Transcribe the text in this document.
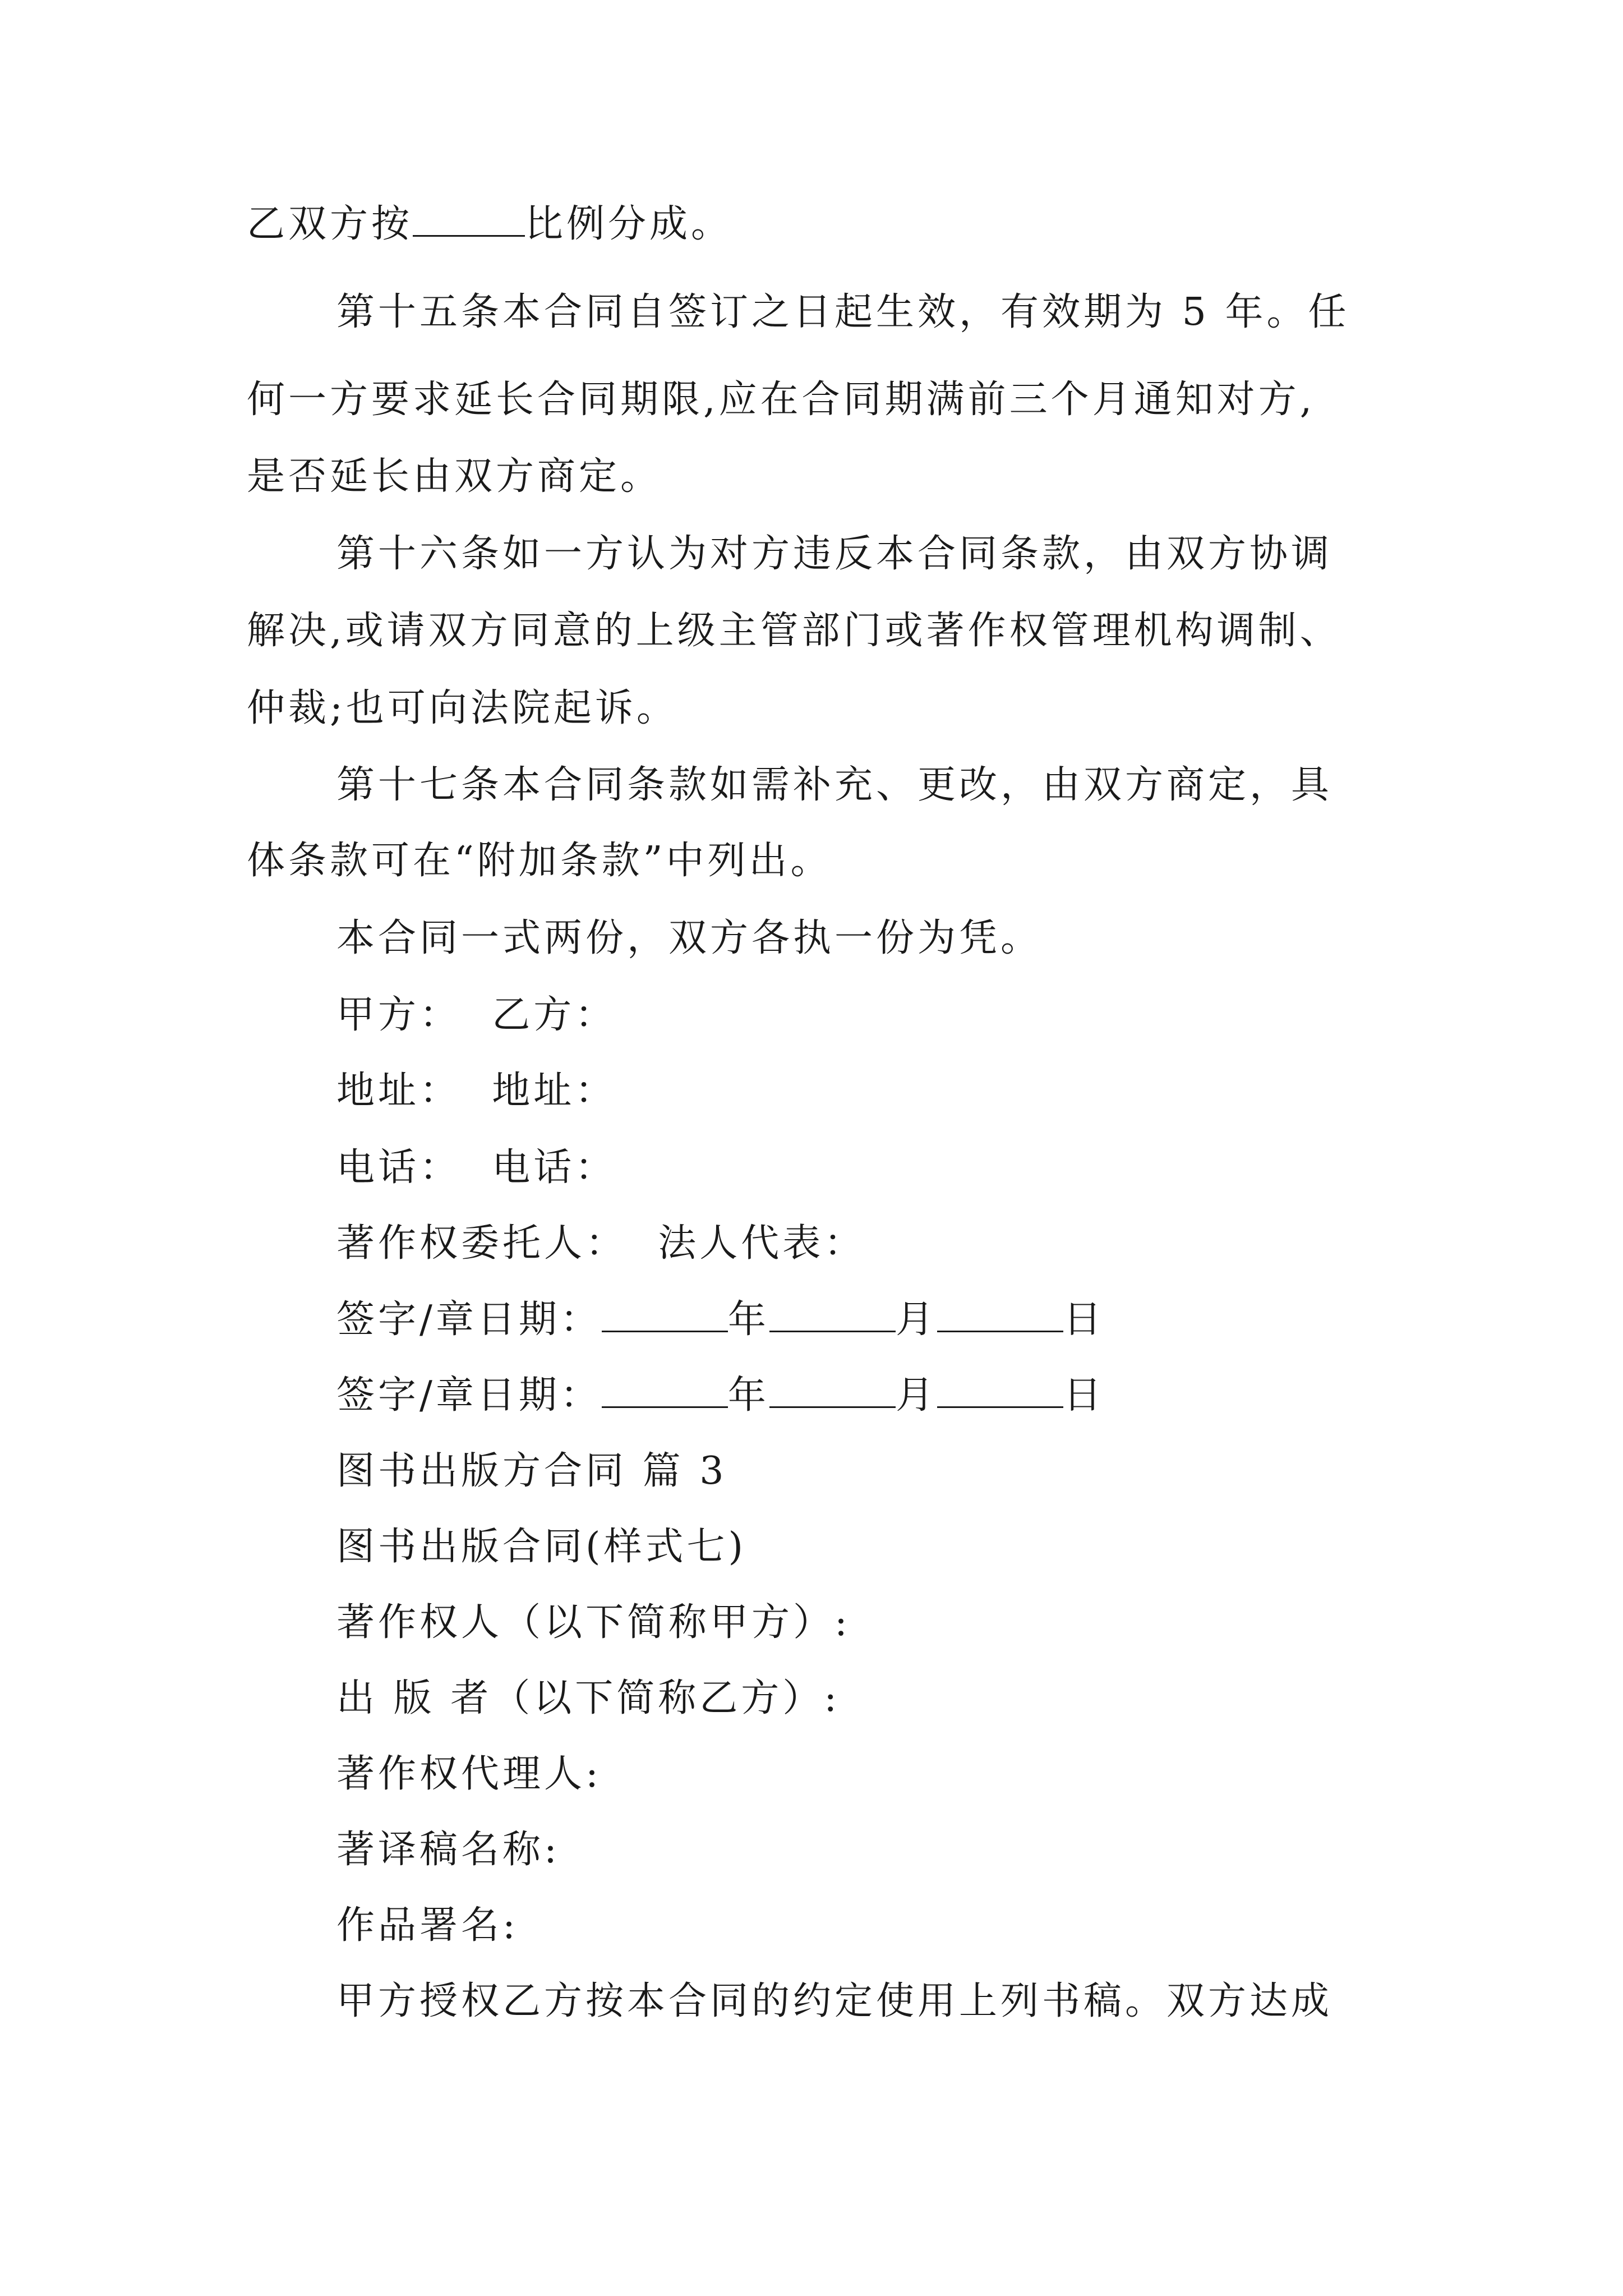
乙双方按	比例分成。
第十五条本合同自签订之日起生效，有效期为 5 年。任
何一方要求延长合同期限,应在合同期满前三个月通知对方,
是否延长由双方商定。
第十六条如一方认为对方违反本合同条款，由双方协调
解决,或请双方同意的上级主管部门或著作权管理机构调制、
仲裁;也可向法院起诉。
第十七条本合同条款如需补充、更改，由双方商定，具
体条款可在“附加条款”中列出。
本合同一式两份，双方各执一份为凭。
甲方：  乙方：
地址：  地址：
电话：  电话：
著作权委托人：  法人代表：
签字/章日期：	年	月	日
签字/章日期：	年	月	日
图书出版方合同 篇 3
图书出版合同(样式七)
著作权人（以下简称甲方）:
出 版 者（以下简称乙方）:
著作权代理人:
著译稿名称:
作品署名:
甲方授权乙方按本合同的约定使用上列书稿。双方达成
